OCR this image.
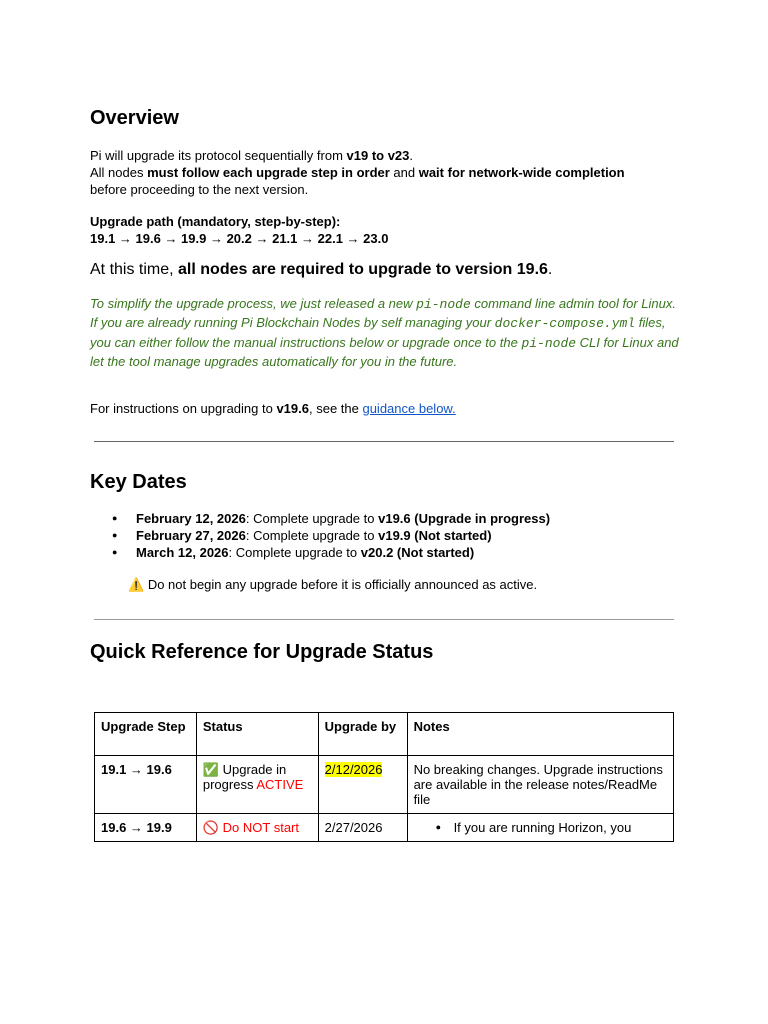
Overview

Pi will upgrade its protocol sequentially from v19 to v23.

All nodes must follow each upgrade step in order and wait for network-wide completion

before proceeding to the next version.

Upgrade path (mandatory, step-by-step):

19.1 → 19.6 → 19.9 → 20.2 → 21.1 → 22.1 → 23.0

At this time, all nodes are required to upgrade to version 19.6.

To simplify the upgrade process, we just released a new pi-node command line admin tool for Linux. If you are already running Pi Blockchain Nodes by self managing your docker-compose.yml files, you can either follow the manual instructions below or upgrade once to the pi-node CLI for Linux and let the tool manage upgrades automatically for you in the future.

For instructions on upgrading to v19.6, see the guidance below.

Key Dates
● February 12, 2026: Complete upgrade to v19.6 (Upgrade in progress)
● February 27, 2026: Complete upgrade to v19.9 (Not started)
● March 12, 2026: Complete upgrade to v20.2 (Not started)

⚠️ Do not begin any upgrade before it is officially announced as active.

Quick Reference for Upgrade Status
Upgrade Step	Status	Upgrade by	Notes
19.1 → 19.6	✅ Upgrade in progress ACTIVE	2/12/2026	No breaking changes. Upgrade instructions are available in the release notes/ReadMe file
19.6 → 19.9	🚫 Do NOT start	2/27/2026	● If you are running Horizon, you
